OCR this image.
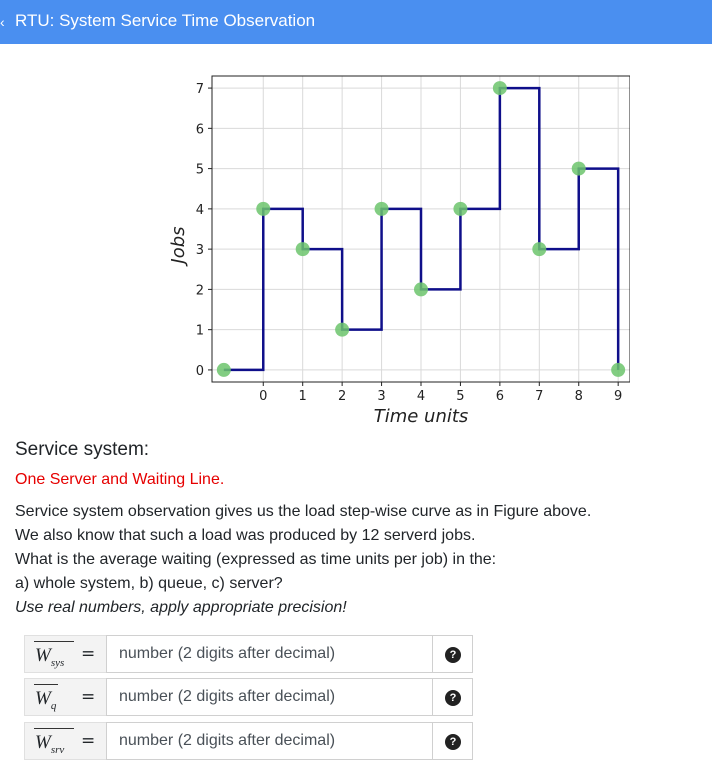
‹ RTU: System Service Time Observation
0 1 2 3 4 5 6 7 8 9
0
1
2
3
4
5
6
7
Time units
Jobs
Service system:
One Server and Waiting Line.
Service system observation gives us the load step-wise curve as in Figure above.
We also know that such a load was produced by 12 serverd jobs.
What is the average waiting (expressed as time units per job) in the:
a) whole system, b) queue, c) server?
Use real numbers, apply appropriate precision!
$W_{sys}$ =	number (2 digits after decimal)	?
$W_q$ =	number (2 digits after decimal)	?
$W_{srv}$ =	number (2 digits after decimal)	?
